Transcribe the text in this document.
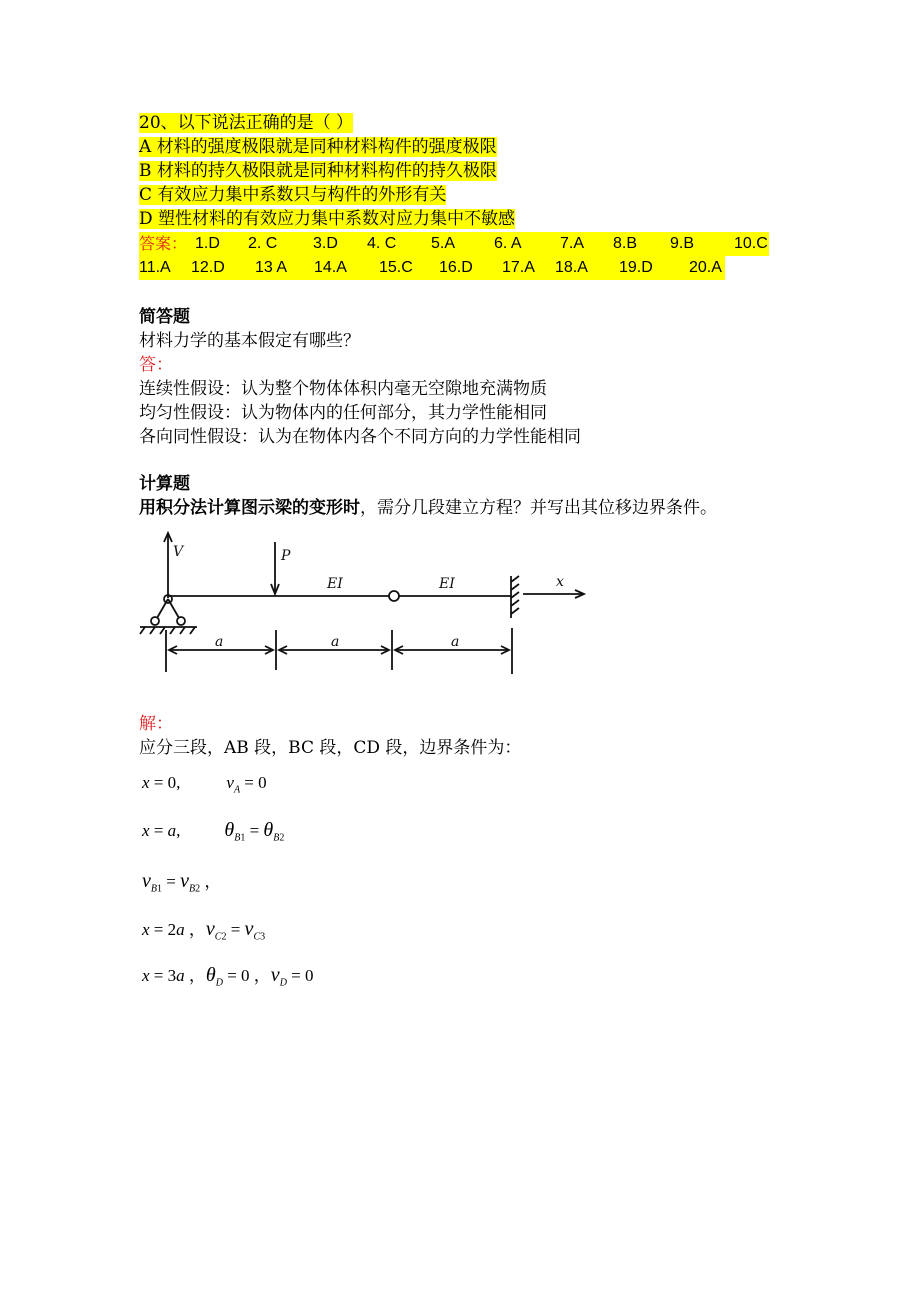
20、以下说法正确的是（ ）
A 材料的强度极限就是同种材料构件的强度极限
B 材料的持久极限就是同种材料构件的持久极限
C 有效应力集中系数只与构件的外形有关
D 塑性材料的有效应力集中系数对应力集中不敏感
答案： 1.D 2. C 3.D 4. C 5.A 6. A 7.A 8.B 9.B 10.C
11.A 12.D 13 A 14.A 15.C 16.D 17.A 18.A 19.D 20.A
简答题
材料力学的基本假定有哪些？
答：
连续性假设：认为整个物体体积内毫无空隙地充满物质
均匀性假设：认为物体内的任何部分，其力学性能相同
各向同性假设：认为在物体内各个不同方向的力学性能相同
计算题
用积分法计算图示梁的变形时，需分几段建立方程？并写出其位移边界条件。
V	P
EI	EI	x
a	a	a
解：
应分三段，AB 段，BC 段，CD 段，边界条件为：
x = 0,	$v_A = 0$
x = a, $\theta_{B1} = \theta_{B2}$
$v_{B1} = v_{B2}$ ，
x = 2a ，$v_{C2} = v_{C3}$
x = 3a ，$\theta_D = 0$ ，$v_D = 0$
